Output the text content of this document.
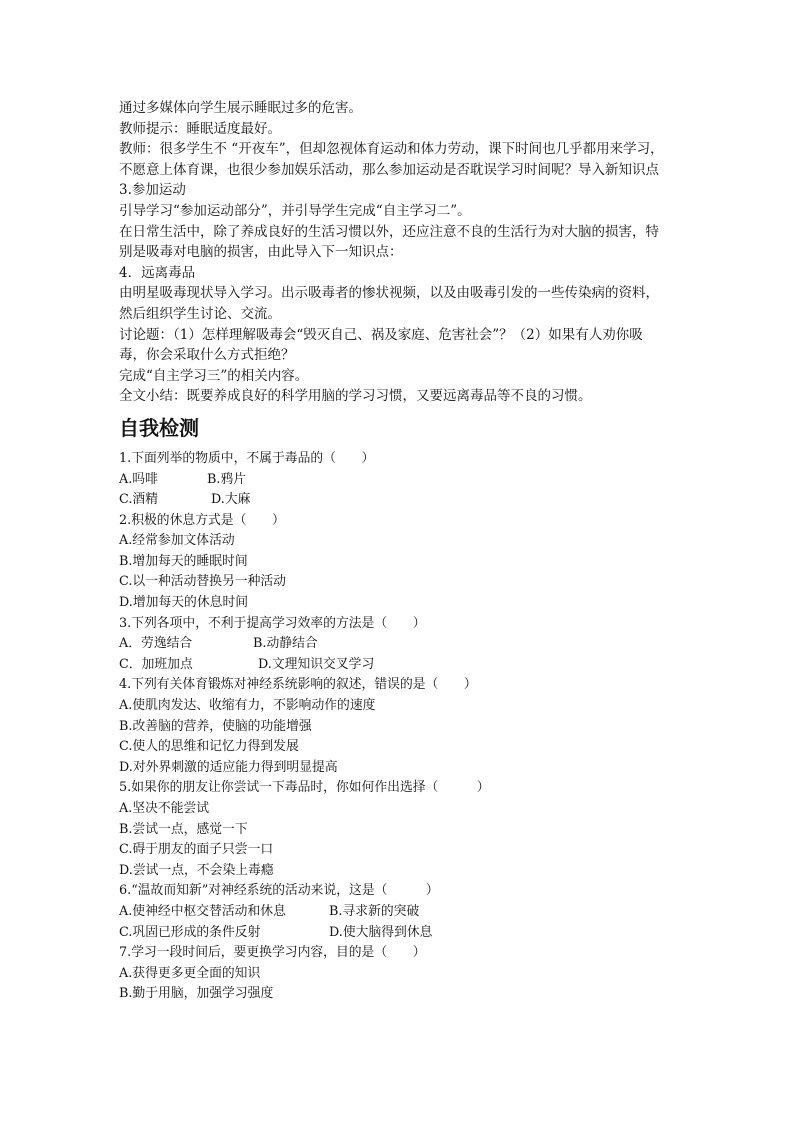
通过多媒体向学生展示睡眠过多的危害。
教师提示：睡眠适度最好。
教师：很多学生不 “开夜车”，但却忽视体育运动和体力劳动，课下时间也几乎都用来学习，
不愿意上体育课，也很少参加娱乐活动，那么参加运动是否耽误学习时间呢？导入新知识点
3.参加运动
引导学习“参加运动部分”，并引导学生完成“自主学习二”。
在日常生活中，除了养成良好的生活习惯以外，还应注意不良的生活行为对大脑的损害，特
别是吸毒对电脑的损害，由此导入下一知识点：
4．远离毒品
由明星吸毒现状导入学习。出示吸毒者的惨状视频，以及由吸毒引发的一些传染病的资料，
然后组织学生讨论、交流。
讨论题：（1）怎样理解吸毒会“毁灭自己、祸及家庭、危害社会”？（2）如果有人劝你吸
毒，你会采取什么方式拒绝？
完成“自主学习三”的相关内容。
全文小结：既要养成良好的科学用脑的学习习惯，又要远离毒品等不良的习惯。
自我检测
1.下面列举的物质中，不属于毒品的（　　）
A.吗啡	B.鸦片
C.酒精	D.大麻
2.积极的休息方式是（　　）
A.经常参加文体活动
B.增加每天的睡眠时间
C.以一种活动替换另一种活动
D.增加每天的休息时间
3.下列各项中，不利于提高学习效率的方法是（　　）
A．劳逸结合	B.动静结合
C．加班加点	D.文理知识交叉学习
4.下列有关体育锻炼对神经系统影响的叙述，错误的是（　　）
A.使肌肉发达、收缩有力，不影响动作的速度
B.改善脑的营养，使脑的功能增强
C.使人的思维和记忆力得到发展
D.对外界刺激的适应能力得到明显提高
5.如果你的朋友让你尝试一下毒品时，你如何作出选择（　　　）
A.坚决不能尝试
B.尝试一点，感觉一下
C.碍于朋友的面子只尝一口
D.尝试一点，不会染上毒瘾
6.“温故而知新”对神经系统的活动来说，这是（　　　）
A.使神经中枢交替活动和休息	B.寻求新的突破
C.巩固已形成的条件反射	D.使大脑得到休息
7.学习一段时间后，要更换学习内容，目的是（　　）
A.获得更多更全面的知识
B.勤于用脑，加强学习强度
